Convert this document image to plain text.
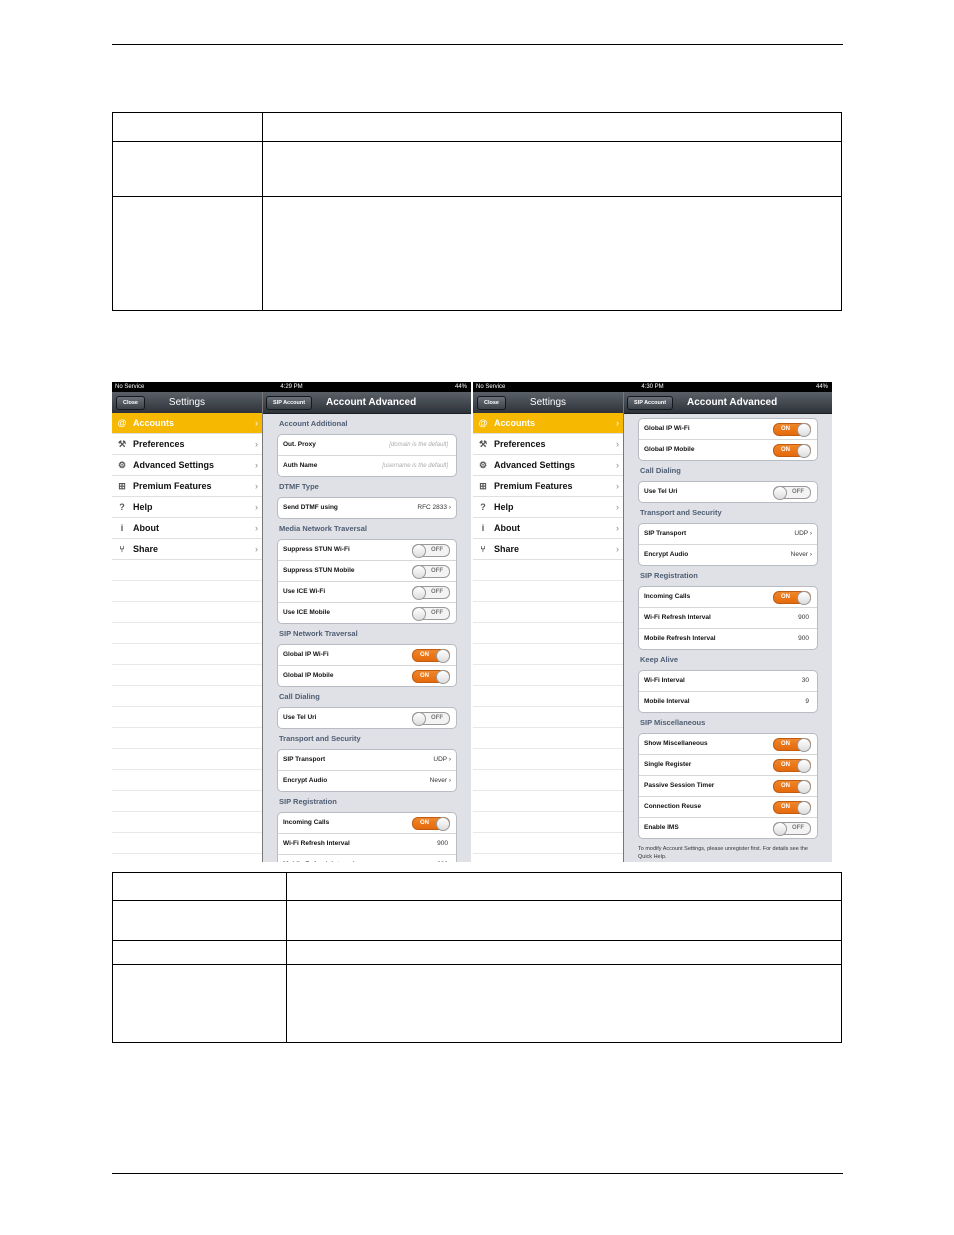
No Service	4:29 PM	44%
Close	Settings
@ Accounts	›
⚒ Preferences	›
⚙ Advanced Settings	›
⊞ Premium Features	›
? Help	›
i	About	›
⑂ Share	›
SIP Account	Account Advanced
Account Additional
Out. Proxy	[domain is the default]
Auth Name	[username is the default]
DTMF Type
Send DTMF using	RFC 2833 ›
Media Network Traversal
Suppress STUN Wi-Fi	OFF
Suppress STUN Mobile	OFF
Use ICE Wi-Fi	OFF
Use ICE Mobile	OFF
SIP Network Traversal
Global IP Wi-Fi	ON
Global IP Mobile	ON
Call Dialing
Use Tel Uri	OFF
Transport and Security
SIP Transport	UDP ›
Encrypt Audio	Never ›
SIP Registration
Incoming Calls	ON
Wi-Fi Refresh Interval	900
No Service	4:30 PM	44%
Close	Settings
@ Accounts	›
⚒ Preferences	›
⚙ Advanced Settings	›
⊞ Premium Features	›
? Help	›
i	About	›
⑂ Share	›
SIP Account	Account Advanced
Global IP Wi-Fi	ON
Global IP Mobile	ON
Call Dialing
Use Tel Uri	OFF
Transport and Security
SIP Transport	UDP ›
Encrypt Audio	Never ›
SIP Registration
Incoming Calls	ON
Wi-Fi Refresh Interval	900
Mobile Refresh Interval	900
Keep Alive
Wi-Fi Interval	30
Mobile Interval	9
SIP Miscellaneous
Show Miscellaneous	ON
Single Register	ON
Passive Session Timer	ON
Connection Reuse	ON
Enable IMS	OFF
To modify Account Settings, please unregister first. For details see the Quick Help.
